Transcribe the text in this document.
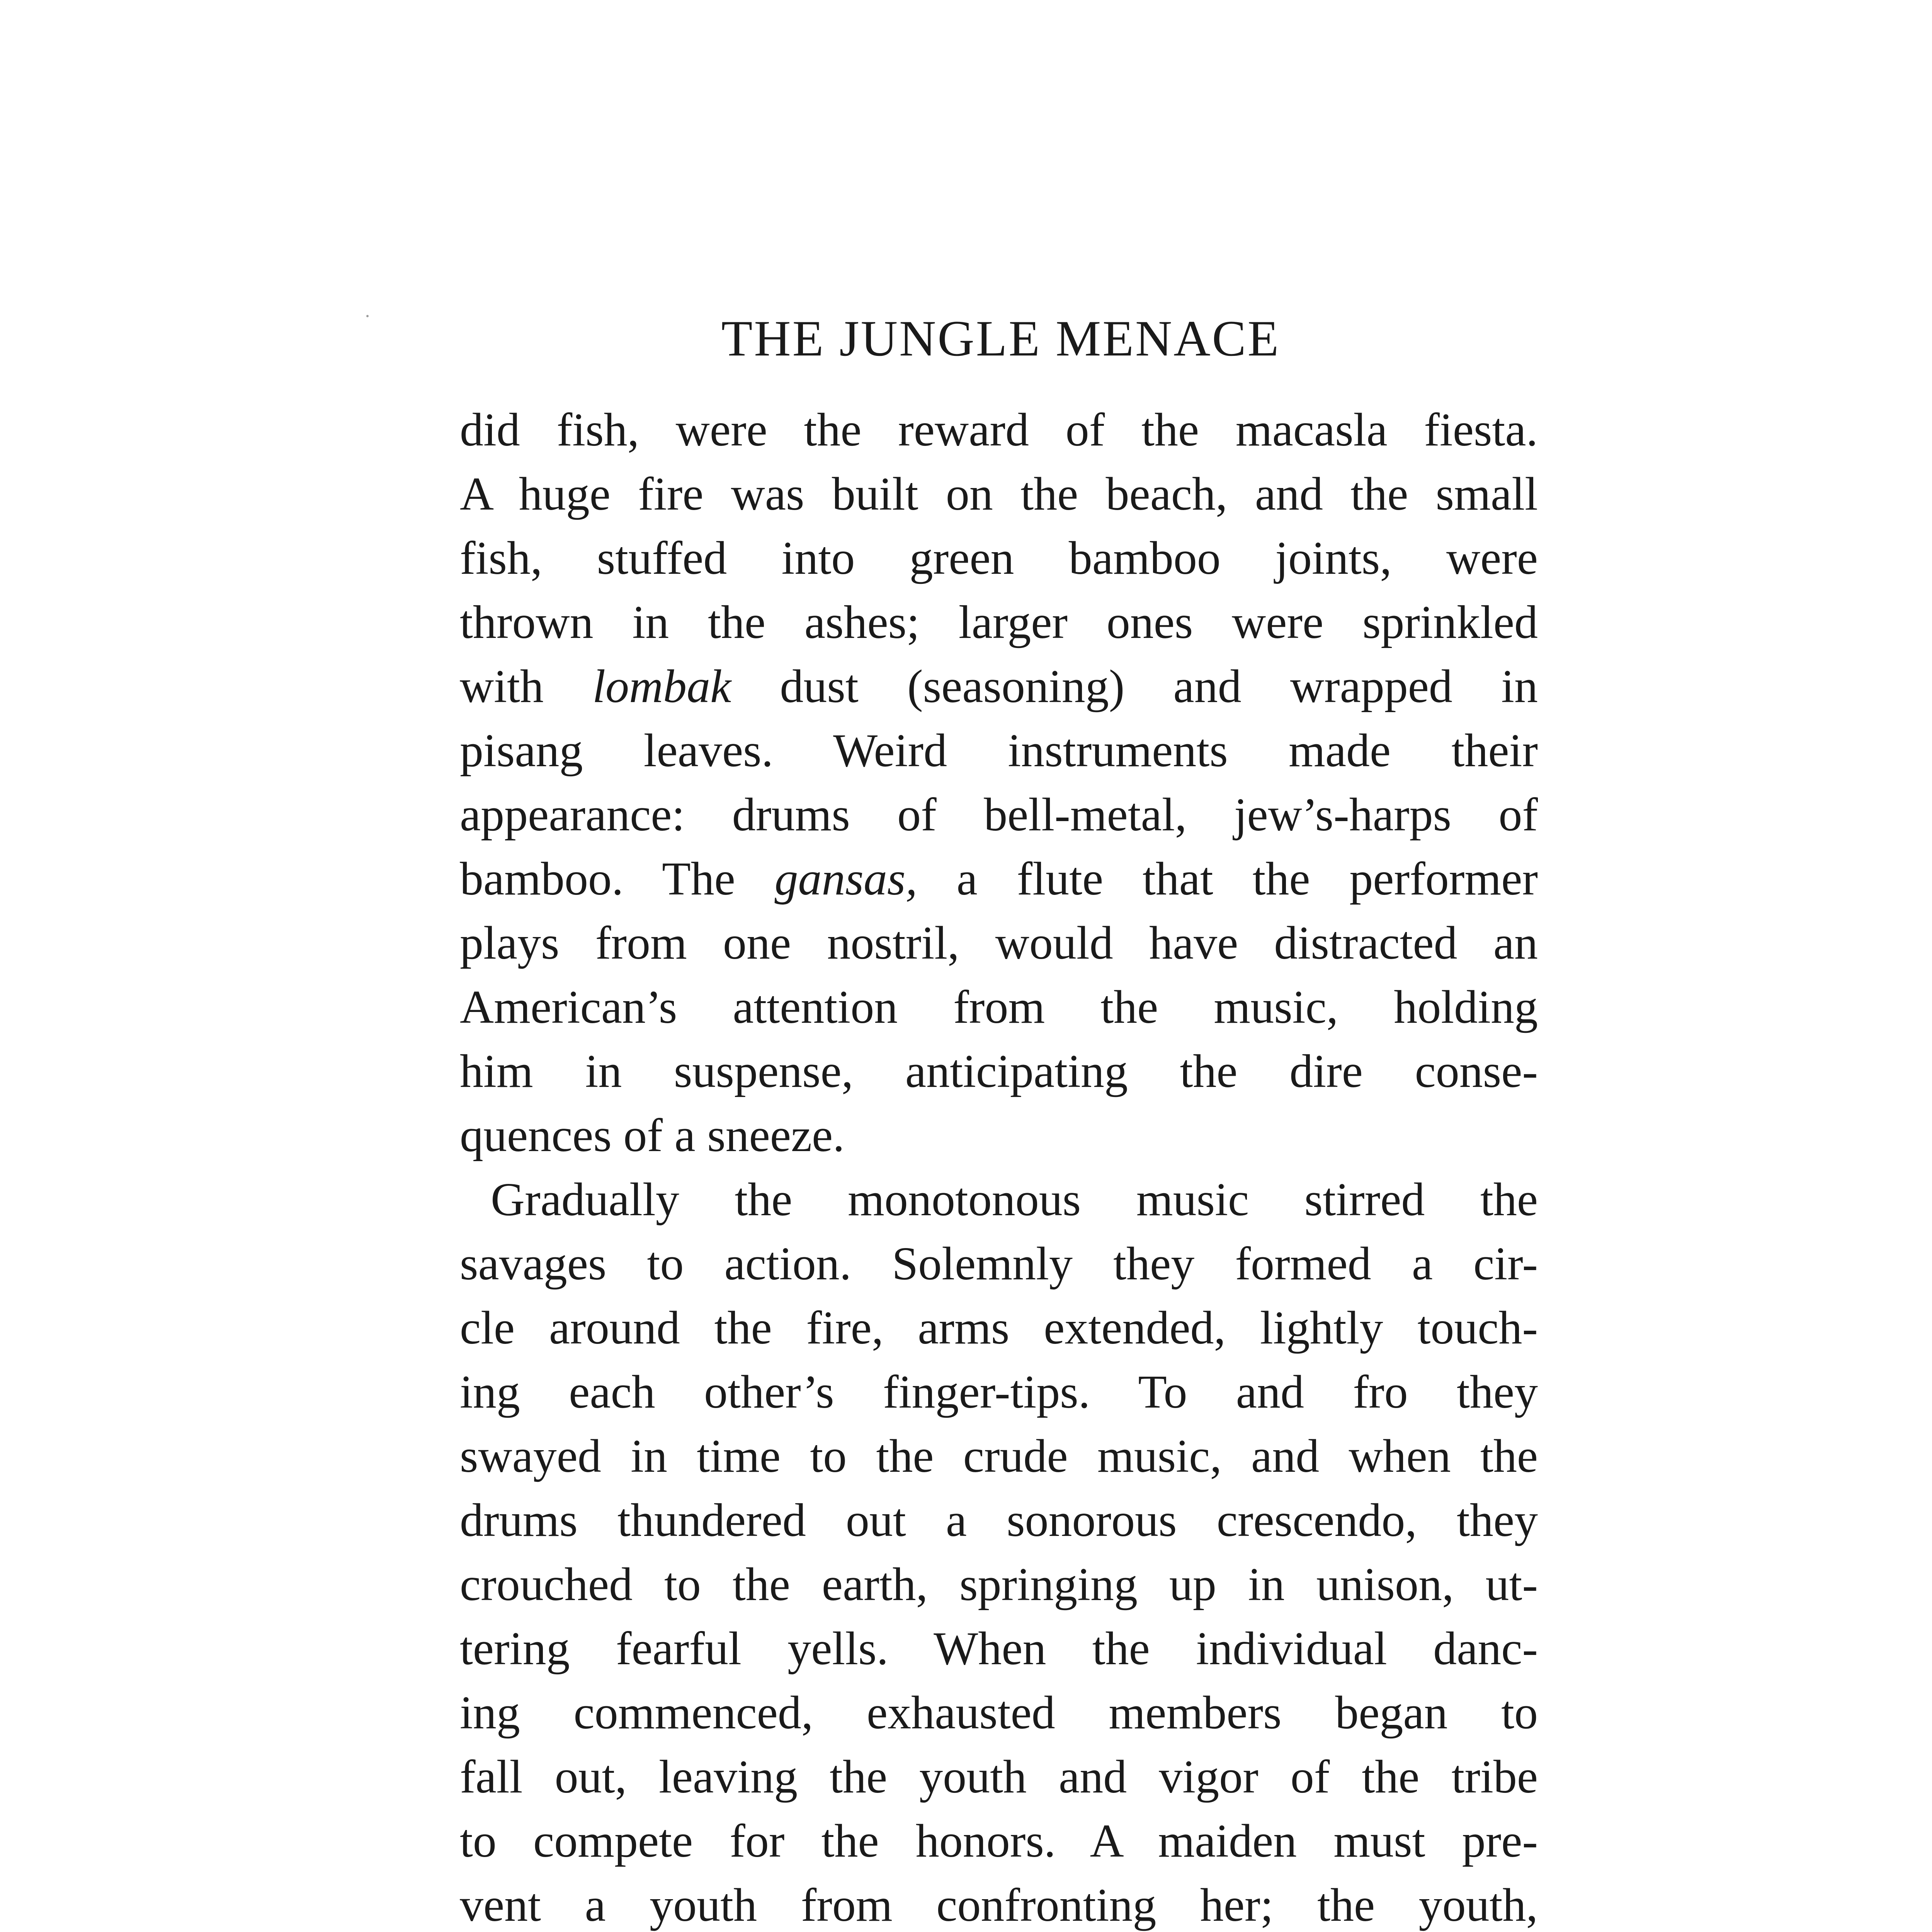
THE JUNGLE MENACE
did fish, were the reward of the macasla fiesta.
A huge fire was built on the beach, and the small
fish, stuffed into green bamboo joints, were
thrown in the ashes; larger ones were sprinkled
with lombak dust (seasoning) and wrapped in
pisang leaves. Weird instruments made their
appearance: drums of bell-metal, jew’s-harps of
bamboo. The gansas, a flute that the performer
plays from one nostril, would have distracted an
American’s attention from the music, holding
him in suspense, anticipating the dire conse-
quences of a sneeze.
Gradually the monotonous music stirred the
savages to action. Solemnly they formed a cir-
cle around the fire, arms extended, lightly touch-
ing each other’s finger-tips. To and fro they
swayed in time to the crude music, and when the
drums thundered out a sonorous crescendo, they
crouched to the earth, springing up in unison, ut-
tering fearful yells. When the individual danc-
ing commenced, exhausted members began to
fall out, leaving the youth and vigor of the tribe
to compete for the honors. A maiden must pre-
vent a youth from confronting her; the youth,
